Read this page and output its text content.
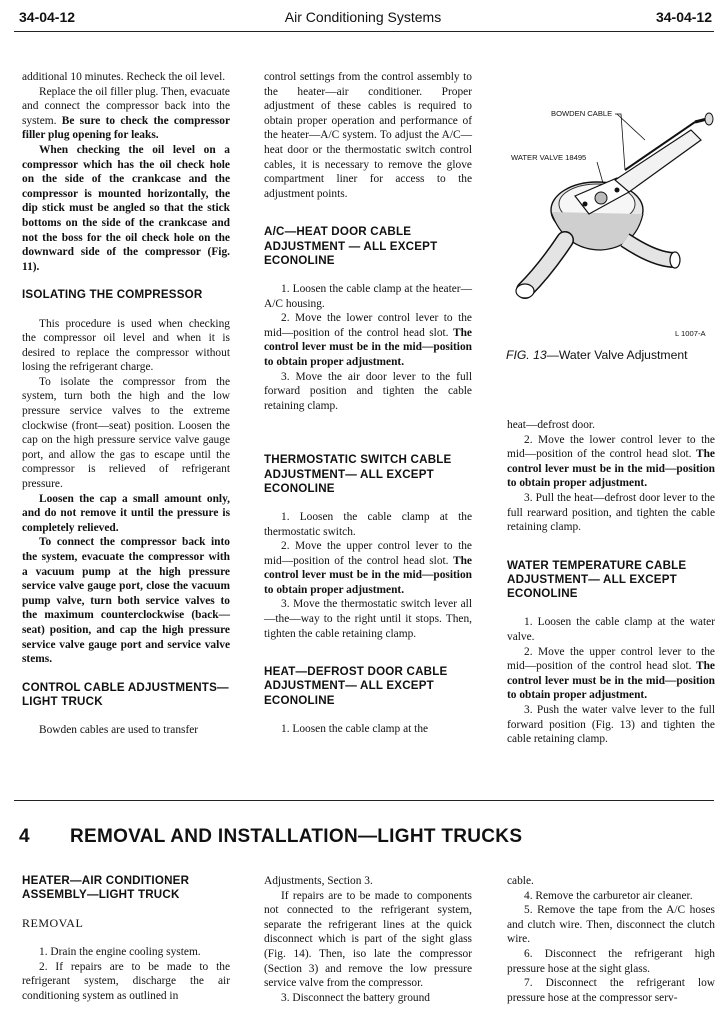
34-04-12	Air Conditioning Systems	34-04-12

additional 10 minutes. Recheck the oil level.

Replace the oil filler plug. Then, evacuate and connect the compressor back into the system. Be sure to check the compressor filler plug opening for leaks.

When checking the oil level on a compressor which has the oil check hole on the side of the crankcase and the compressor is mounted horizontally, the dip stick must be angled so that the stick bottoms on the side of the crankcase and not the boss for the oil check hole on the downward side of the compressor (Fig. 11).

ISOLATING THE COMPRESSOR

This procedure is used when checking the compressor oil level and when it is desired to replace the compressor without losing the refrigerant charge.

To isolate the compressor from the system, turn both the high and the low pressure service valves to the extreme clockwise (front—seat) position. Loosen the cap on the high pressure service valve gauge port, and allow the gas to escape until the compressor is relieved of refrigerant pressure.

Loosen the cap a small amount only, and do not remove it until the pressure is completely relieved.

To connect the compressor back into the system, evacuate the compressor with a vacuum pump at the high pressure service valve gauge port, close the vacuum pump valve, turn both service valves to the maximum counterclockwise (back—seat) position, and cap the high pressure service valve gauge port and service valve stems.

CONTROL CABLE ADJUSTMENTS—LIGHT TRUCK

Bowden cables are used to transfer

control settings from the control assembly to the heater—air conditioner. Proper adjustment of these cables is required to obtain proper operation and performance of the heater—A/C system. To adjust the A/C—heat door or the thermostatic switch control cables, it is necessary to remove the glove compartment liner for access to the adjustment points.

A/C—HEAT DOOR CABLE ADJUSTMENT — ALL EXCEPT ECONOLINE

1. Loosen the cable clamp at the heater—A/C housing.

2. Move the lower control lever to the mid—position of the control head slot. The control lever must be in the mid—position to obtain proper adjustment.

3. Move the air door lever to the full forward position and tighten the cable retaining clamp.

THERMOSTATIC SWITCH CABLE ADJUSTMENT— ALL EXCEPT ECONOLINE

1. Loosen the cable clamp at the thermostatic switch.

2. Move the upper control lever to the mid—position of the control head slot. The control lever must be in the mid—position to obtain proper adjustment.

3. Move the thermostatic switch lever all—the—way to the right until it stops. Then, tighten the cable retaining clamp.

HEAT—DEFROST DOOR CABLE ADJUSTMENT— ALL EXCEPT ECONOLINE

1. Loosen the cable clamp at the

BOWDEN CABLE
WATER VALVE 18495
L 1007-A
FIG. 13—Water Valve Adjustment

heat—defrost door.

2. Move the lower control lever to the mid—position of the control head slot. The control lever must be in the mid—position to obtain proper adjustment.

3. Pull the heat—defrost door lever to the full rearward position, and tighten the cable retaining clamp.

WATER TEMPERATURE CABLE ADJUSTMENT— ALL EXCEPT ECONOLINE

1. Loosen the cable clamp at the water valve.

2. Move the upper control lever to the mid—position of the control head slot. The control lever must be in the mid—position to obtain proper adjustment.

3. Push the water valve lever to the full forward position (Fig. 13) and tighten the cable retaining clamp.

4 REMOVAL AND INSTALLATION—LIGHT TRUCKS
HEATER—AIR CONDITIONER ASSEMBLY—LIGHT TRUCK
REMOVAL

1. Drain the engine cooling system.

2. If repairs are to be made to the refrigerant system, discharge the air conditioning system as outlined in

Adjustments, Section 3.

If repairs are to be made to components not connected to the refrigerant system, separate the refrigerant lines at the quick disconnect which is part of the sight glass (Fig. 14). Then, iso late the compressor (Section 3) and remove the low pressure service valve from the compressor.

3. Disconnect the battery ground

cable.

4. Remove the carburetor air cleaner.

5. Remove the tape from the A/C hoses and clutch wire. Then, disconnect the clutch wire.

6. Disconnect the refrigerant high pressure hose at the sight glass.

7. Disconnect the refrigerant low pressure hose at the compressor serv-
